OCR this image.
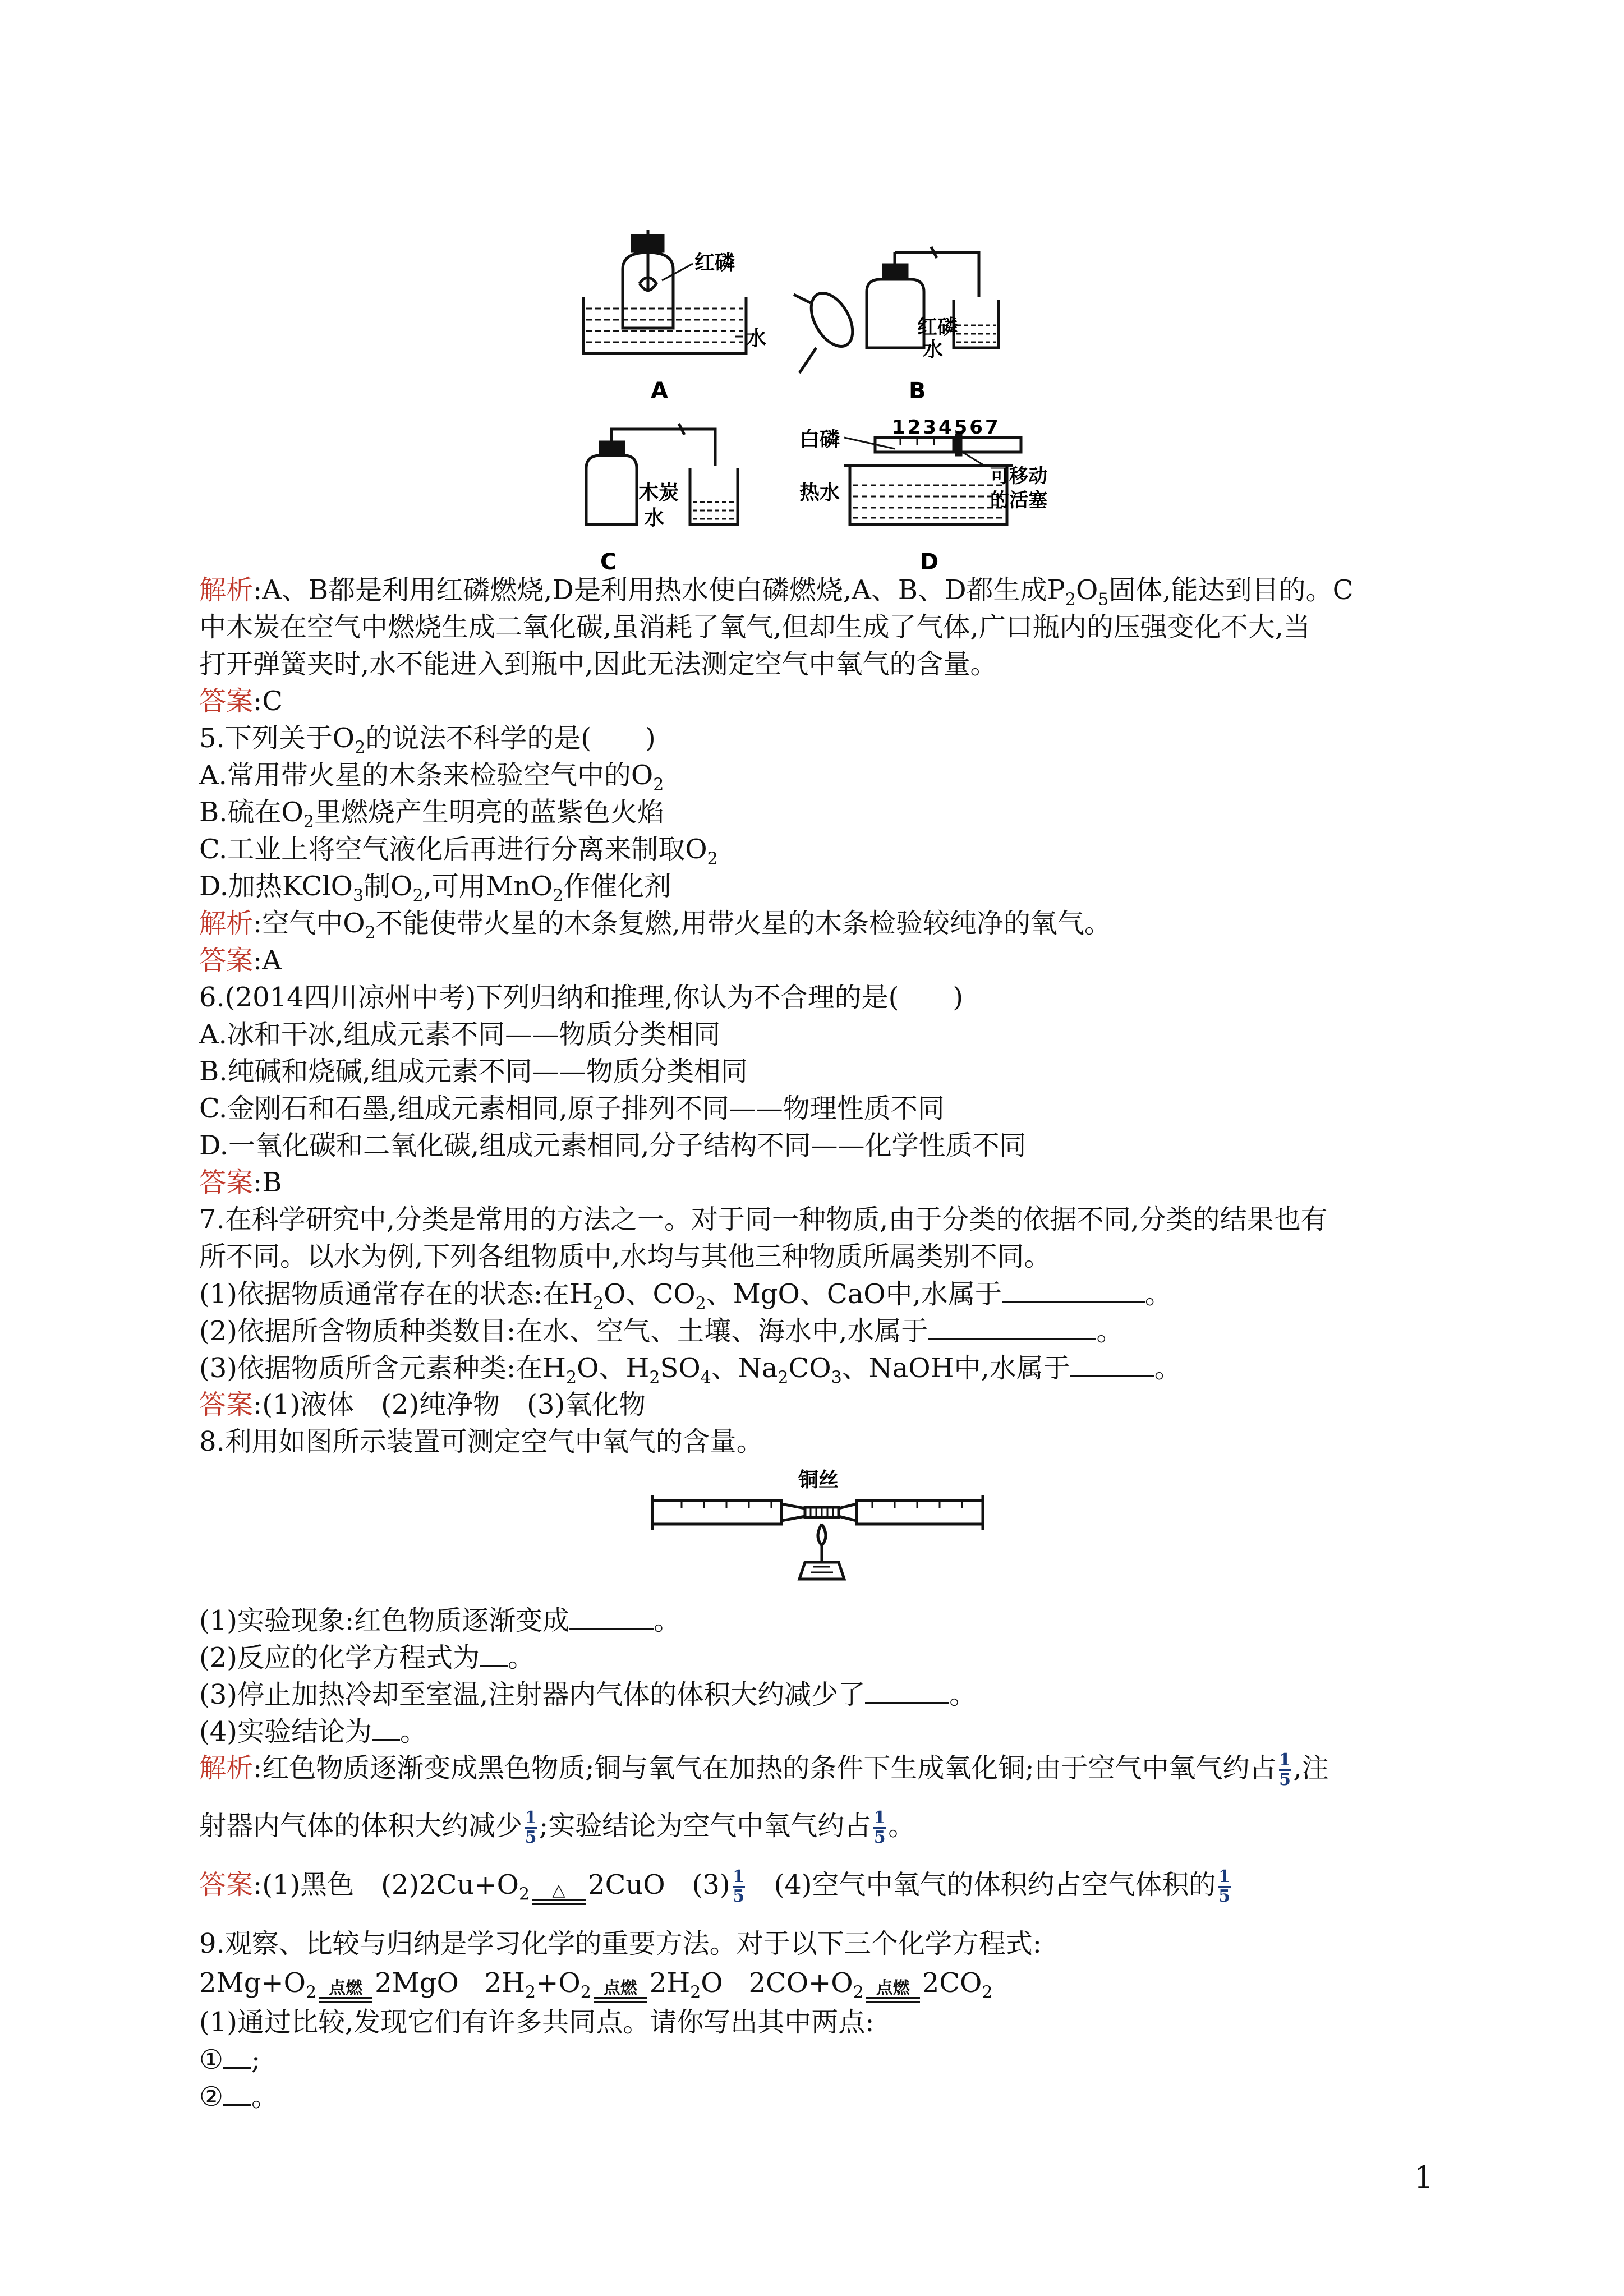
红磷
水
A
红磷
水
B
木炭
水
C
1234567
白磷
热水
可移动
的活塞
D
解析:A、B都是利用红磷燃烧,D是利用热水使白磷燃烧,A、B、D都生成$P_2O_5$固体,能达到目的。C
中木炭在空气中燃烧生成二氧化碳,虽消耗了氧气,但却生成了气体,广口瓶内的压强变化不大,当
打开弹簧夹时,水不能进入到瓶中,因此无法测定空气中氧气的含量。
答案:C
5.下列关于$O_2$的说法不科学的是(　　)
A.常用带火星的木条来检验空气中的$O_2$
B.硫在$O_2$里燃烧产生明亮的蓝紫色火焰
C.工业上将空气液化后再进行分离来制取$O_2$
D.加热KClO$_3$制$O_2$,可用MnO$_2$作催化剂
解析:空气中$O_2$不能使带火星的木条复燃,用带火星的木条检验较纯净的氧气。
答案:A
6.(2014四川凉州中考)下列归纳和推理,你认为不合理的是(　　)
A.冰和干冰,组成元素不同——物质分类相同
B.纯碱和烧碱,组成元素不同——物质分类相同
C.金刚石和石墨,组成元素相同,原子排列不同——物理性质不同
D.一氧化碳和二氧化碳,组成元素相同,分子结构不同——化学性质不同
答案:B
7.在科学研究中,分类是常用的方法之一。对于同一种物质,由于分类的依据不同,分类的结果也有
所不同。以水为例,下列各组物质中,水均与其他三种物质所属类别不同。
(1)依据物质通常存在的状态:在$H_2O$、$CO_2$、MgO、CaO中,水属于	。
(2)依据所含物质种类数目:在水、空气、土壤、海水中,水属于	。
(3)依据物质所含元素种类:在$H_2O$、$H_2SO_4$、$Na_2CO_3$、NaOH中,水属于	。
答案:(1)液体　(2)纯净物　(3)氧化物
8.利用如图所示装置可测定空气中氧气的含量。
铜丝
(1)实验现象:红色物质逐渐变成	。
(2)反应的化学方程式为 。
(3)停止加热冷却至室温,注射器内气体的体积大约减少了	。
(4)实验结论为 。
解析:红色物质逐渐变成黑色物质;铜与氧气在加热的条件下生成氧化铜;由于空气中氧气约占 $\frac{1}{5}$ ,注
射器内气体的体积大约减少 $\frac{1}{5}$ ;实验结论为空气中氧气约占 $\frac{1}{5}$ 。
答案:(1)黑色　$(2)2Cu+O_2$ △ 2CuO　$(3) \frac{1}{5}$ 　(4)空气中氧气的体积约占空气体积的 $\frac{1}{5}$
9.观察、比较与归纳是学习化学的重要方法。对于以下三个化学方程式:
$2Mg+O_2$ 点燃 2MgO $2H_2+O_2$ 点燃 $2H_2O$ $2CO+O_2$ 点燃 $2CO_2$
(1)通过比较,发现它们有许多共同点。请你写出其中两点:
① ;
② 。
1
